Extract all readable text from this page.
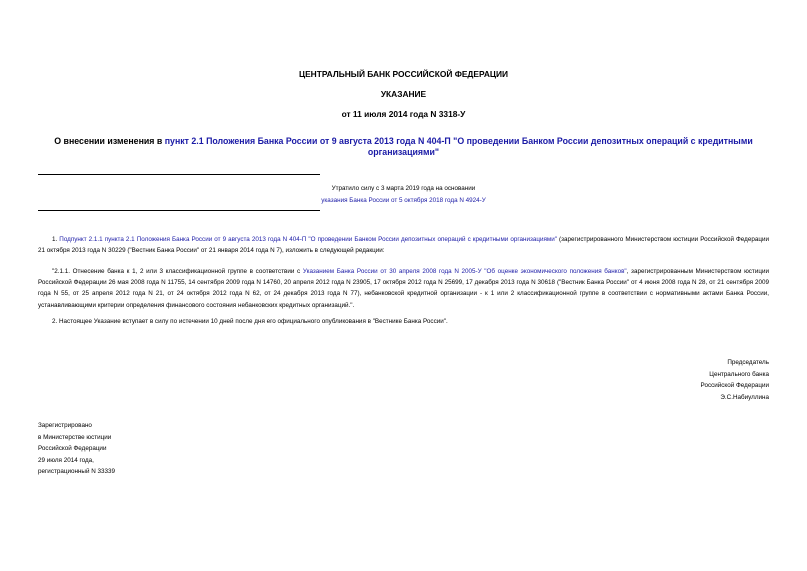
ЦЕНТРАЛЬНЫЙ БАНК РОССИЙСКОЙ ФЕДЕРАЦИИ
УКАЗАНИЕ
от 11 июля 2014 года N 3318-У
О внесении изменения в пункт 2.1 Положения Банка России от 9 августа 2013 года N 404-П "О проведении Банком России депозитных операций с кредитными организациями"
Утратило силу с 3 марта 2019 года на основании
указания Банка России от 5 октября 2018 года N 4924-У
1. Подпункт 2.1.1 пункта 2.1 Положения Банка России от 9 августа 2013 года N 404-П "О проведении Банком России депозитных операций с кредитными организациями" (зарегистрированного Министерством юстиции Российской Федерации 21 октября 2013 года N 30229 ("Вестник Банка России" от 21 января 2014 года N 7), изложить в следующей редакции:
"2.1.1. Отнесение банка к 1, 2 или 3 классификационной группе в соответствии с Указанием Банка России от 30 апреля 2008 года N 2005-У "Об оценке экономического положения банков", зарегистрированным Министерством юстиции Российской Федерации 26 мая 2008 года N 11755, 14 сентября 2009 года N 14760, 20 апреля 2012 года N 23905, 17 октября 2012 года N 25699, 17 декабря 2013 года N 30618 ("Вестник Банка России" от 4 июня 2008 года N 28, от 21 сентября 2009 года N 55, от 25 апреля 2012 года N 21, от 24 октября 2012 года N 62, от 24 декабря 2013 года N 77), небанковской кредитной организации - к 1 или 2 классификационной группе в соответствии с нормативными актами Банка России, устанавливающими критерии определения финансового состояния небанковских кредитных организаций.".
2. Настоящее Указание вступает в силу по истечении 10 дней после дня его официального опубликования в "Вестнике Банка России".
Председатель
Центрального банка
Российской Федерации
Э.С.Набиуллина
Зарегистрировано
в Министерстве юстиции
Российской Федерации
29 июля 2014 года,
регистрационный N 33339
